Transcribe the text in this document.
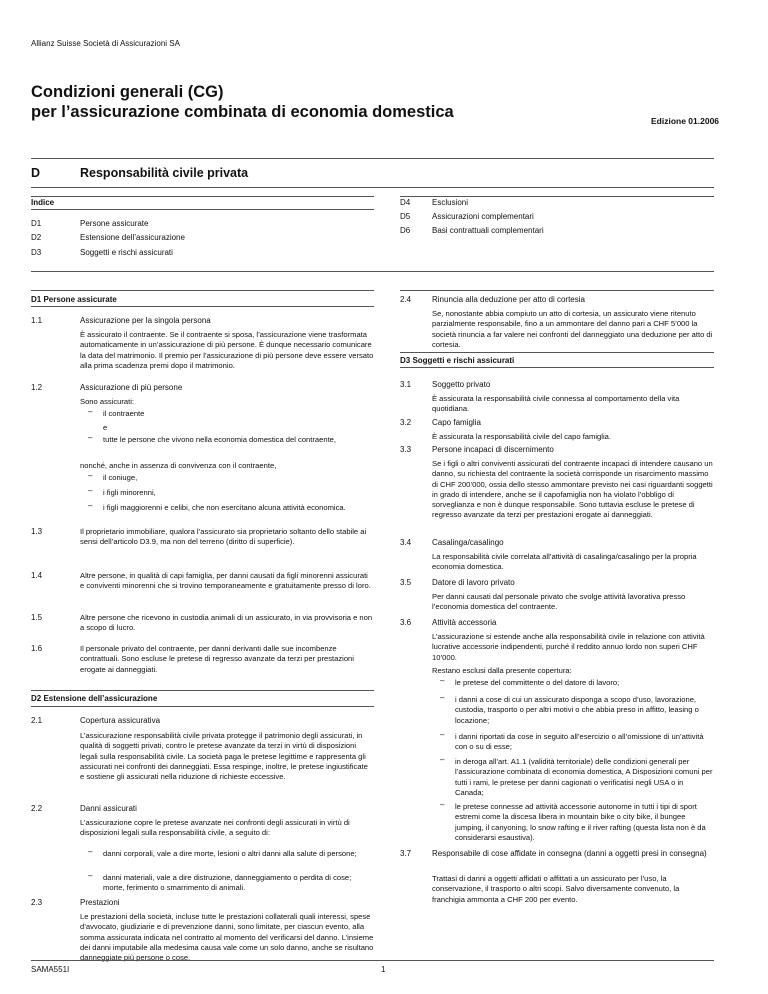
Allianz Suisse Società di Assicurazioni SA
Condizioni generali (CG)
per l’assicurazione combinata di economia domestica	Edizione 01.2006
D	Responsabilità civile privata
Indice
D1	Persone assicurate
D2	Estensione dell’assicurazione
D3	Soggetti e rischi assicurati
D4	Esclusioni
D5	Assicurazioni complementari
D6	Basi contrattuali complementari
D1 Persone assicurate
1.1	Assicurazione per la singola persona
È assicurato il contraente. Se il contraente si sposa, l’assicurazione viene trasformata automaticamente in un’assicurazione di più persone. È dunque necessario comunicare la data del matrimonio. Il premio per l’assicurazione di più persone deve essere versato alla prima scadenza premi dopo il matrimonio.
1.2	Assicurazione di più persone
Sono assicurati:
– il contraente
e
– tutte le persone che vivono nella economia domestica del contraente,
nonché, anche in assenza di convivenza con il contraente,
– il coniuge,
– i figli minorenni,
– i figli maggiorenni e celibi, che non esercitano alcuna attività economica.
1.3	Il proprietario immobiliare, qualora l’assicurato sia proprietario soltanto dello stabile ai sensi dell’articolo D3.9, ma non del terreno (diritto di superficie).
1.4	Altre persone, in qualità di capi famiglia, per danni causati da figli minorenni assicurati e conviventi minorenni che si trovino temporaneamente e gratuitamente presso di loro.
1.5	Altre persone che ricevono in custodia animali di un assicurato, in via provvisoria e non a scopo di lucro.
1.6	Il personale privato del contraente, per danni derivanti dalle sue incombenze contrattuali. Sono escluse le pretese di regresso avanzate da terzi per prestazioni erogate ai danneggiati.
D2 Estensione dell’assicurazione
2.1	Copertura assicurativa
L’assicurazione responsabilità civile privata protegge il patrimonio degli assicurati, in qualità di soggetti privati, contro le pretese avanzate da terzi in virtù di disposizioni legali sulla responsabilità civile. La società paga le pretese legittime e rappresenta gli assicurati nei confronti dei danneggiati. Essa respinge, inoltre, le pretese ingiustificate e sostiene gli assicurati nella riduzione di richieste eccessive.
2.2	Danni assicurati
L’assicurazione copre le pretese avanzate nei confronti degli assicurati in virtù di disposizioni legali sulla responsabilità civile, a seguito di:
– danni corporali, vale a dire morte, lesioni o altri danni alla salute di persone;
– danni materiali, vale a dire distruzione, danneggiamento o perdita di cose; morte, ferimento o smarrimento di animali.
2.3	Prestazioni
Le prestazioni della società, incluse tutte le prestazioni collaterali quali interessi, spese d’avvocato, giudiziarie e di prevenzione danni, sono limitate, per ciascun evento, alla somma assicurata indicata nel contratto al momento del verificarsi del danno. L’insieme dei danni imputabile alla medesima causa vale come un solo danno, anche se risultano danneggiate più persone o cose.
2.4	Rinuncia alla deduzione per atto di cortesia
Se, nonostante abbia compiuto un atto di cortesia, un assicurato viene ritenuto parzialmente responsabile, fino a un ammontare del danno pari a CHF 5’000 la società rinuncia a far valere nei confronti del danneggiato una deduzione per atto di cortesia.
D3 Soggetti e rischi assicurati
3.1	Soggetto privato
È assicurata la responsabilità civile connessa al comportamento della vita quotidiana.
3.2	Capo famiglia
È assicurata la responsabilità civile del capo famiglia.
3.3	Persone incapaci di discernimento
Se i figli o altri conviventi assicurati del contraente incapaci di intendere causano un danno, su richiesta del contraente la società corrisponde un risarcimento massimo di CHF 200’000, ossia dello stesso ammontare previsto nei casi riguardanti soggetti in grado di intendere, anche se il capofamiglia non ha violato l’obbligo di sorveglianza e non è dunque responsabile. Sono tuttavia escluse le pretese di regresso avanzate da terzi per prestazioni erogate ai danneggiati.
3.4	Casalinga/casalingo
La responsabilità civile correlata all’attività di casalinga/casalingo per la propria economia domestica.
3.5	Datore di lavoro privato
Per danni causati dal personale privato che svolge attività lavorativa presso l’economia domestica del contraente.
3.6	Attività accessoria
L’assicurazione si estende anche alla responsabilità civile in relazione con attività lucrative accessorie indipendenti, purché il reddito annuo lordo non superi CHF 10’000.
Restano esclusi dalla presente copertura:
– le pretese del committente o del datore di lavoro;
– i danni a cose di cui un assicurato disponga a scopo d’uso, lavorazione, custodia, trasporto o per altri motivi o che abbia preso in affitto, leasing o locazione;
– i danni riportati da cose in seguito all’esercizio o all’omissione di un’attività con o su di esse;
– in deroga all’art. A1.1 (validità territoriale) delle condizioni generali per l’assicurazione combinata di economia domestica, A Disposizioni comuni per tutti i rami, le pretese per danni cagionati o verificatisi negli USA o in Canada;
– le pretese connesse ad attività accessorie autonome in tutti i tipi di sport estremi come la discesa libera in mountain bike o city bike, il bungee jumping, il canyoning, lo snow rafting e il river rafting (questa lista non è da considerarsi esaustiva).
3.7	Responsabile di cose affidate in consegna (danni a oggetti presi in consegna)
Trattasi di danni a oggetti affidati o affittati a un assicurato per l’uso, la conservazione, il trasporto o altri scopi. Salvo diversamente convenuto, la franchigia ammonta a CHF 200 per evento.
SAMA551I	1
